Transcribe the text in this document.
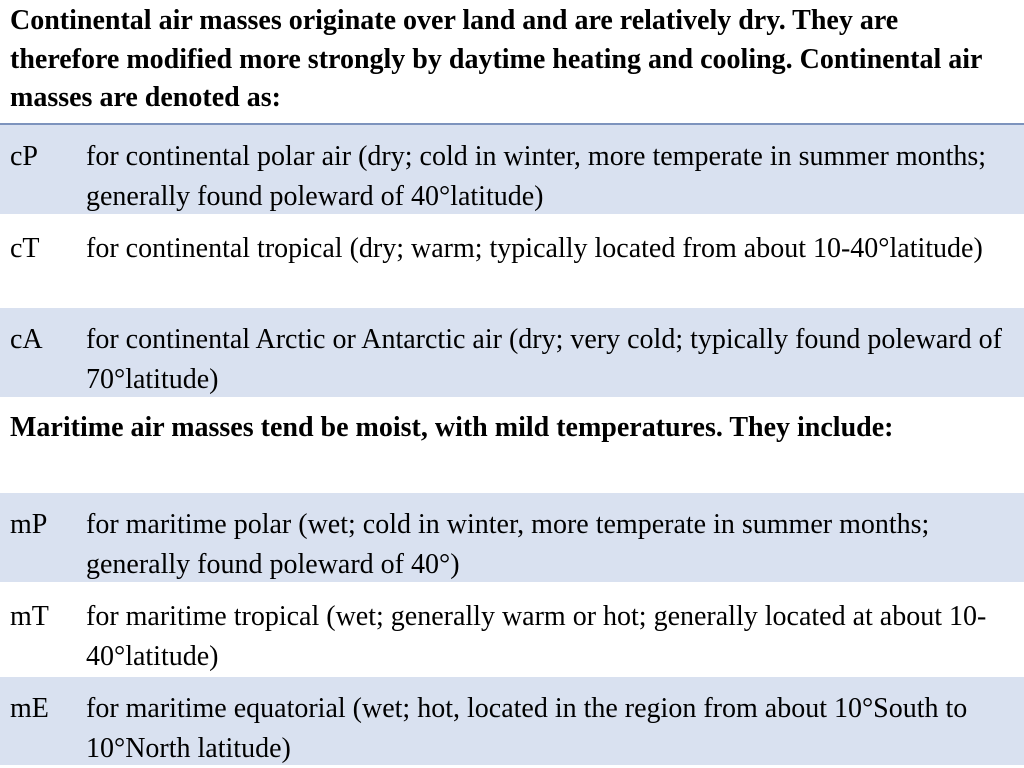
Continental air masses originate over land and are relatively dry. They are therefore modified more strongly by daytime heating and cooling. Continental air masses are denoted as:
cP	for continental polar air (dry; cold in winter, more temperate in summer months; generally found poleward of 40°latitude)
cT	for continental tropical (dry; warm; typically located from about 10-40°latitude)
cA	for continental Arctic or Antarctic air (dry; very cold; typically found poleward of 70°latitude)
Maritime air masses tend be moist, with mild temperatures. They include:
mP	for maritime polar (wet; cold in winter, more temperate in summer months; generally found poleward of 40°)
mT	for maritime tropical (wet; generally warm or hot; generally located at about 10-40°latitude)
mE	for maritime equatorial (wet; hot, located in the region from about 10°South to 10°North latitude)
